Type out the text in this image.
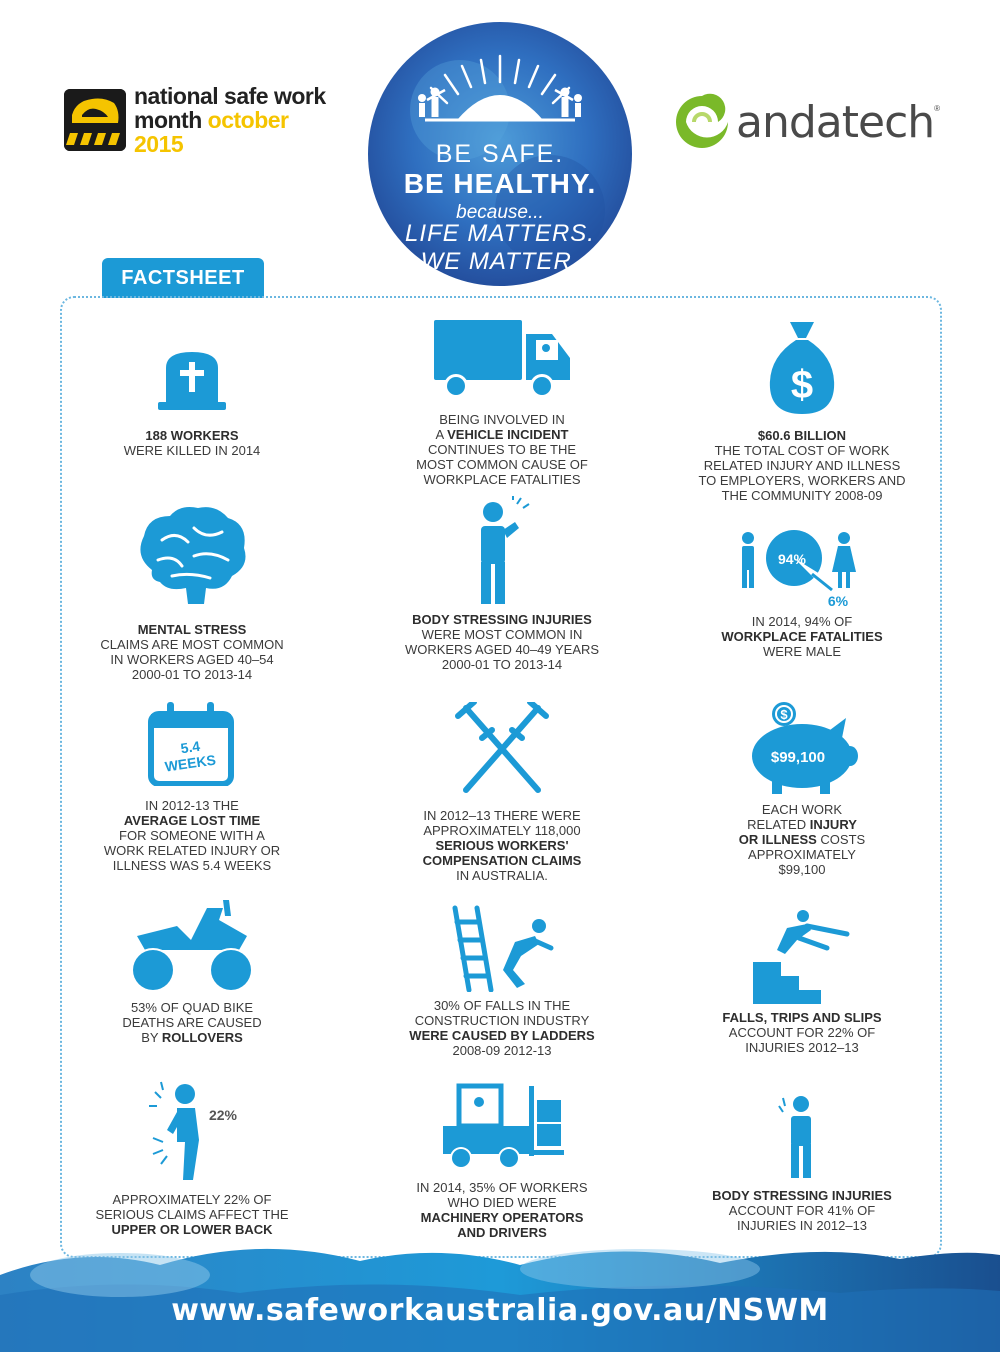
national safe work
month october 2015	BE SAFE.
BE HEALTHY.
because...
LIFE MATTERS.
WE MATTER.
andatech ®
FACTSHEET
188 WORKERS
WERE KILLED IN 2014
BEING INVOLVED IN
A VEHICLE INCIDENT
CONTINUES TO BE THE
MOST COMMON CAUSE OF
WORKPLACE FATALITIES
$
$60.6 BILLION
THE TOTAL COST OF WORK
RELATED INJURY AND ILLNESS
TO EMPLOYERS, WORKERS AND
THE COMMUNITY 2008-09
MENTAL STRESS
CLAIMS ARE MOST COMMON
IN WORKERS AGED 40–54
2000-01 TO 2013-14
BODY STRESSING INJURIES
WERE MOST COMMON IN
WORKERS AGED 40–49 YEARS
2000-01 TO 2013-14
94%
6%
IN 2014, 94% OF
WORKPLACE FATALITIES
WERE MALE
5.4
WEEKS
IN 2012-13 THE
AVERAGE LOST TIME
FOR SOMEONE WITH A
WORK RELATED INJURY OR
ILLNESS WAS 5.4 WEEKS
IN 2012–13 THERE WERE
APPROXIMATELY 118,000
SERIOUS WORKERS'
COMPENSATION CLAIMS
IN AUSTRALIA.
$
$99,100
EACH WORK
RELATED INJURY
OR ILLNESS COSTS
APPROXIMATELY
$99,100
53% OF QUAD BIKE
DEATHS ARE CAUSED
BY ROLLOVERS
30% OF FALLS IN THE
CONSTRUCTION INDUSTRY
WERE CAUSED BY LADDERS
2008-09 2012-13
FALLS, TRIPS AND SLIPS
ACCOUNT FOR 22% OF
INJURIES 2012–13
22%
APPROXIMATELY 22% OF
SERIOUS CLAIMS AFFECT THE
UPPER OR LOWER BACK
IN 2014, 35% OF WORKERS
WHO DIED WERE
MACHINERY OPERATORS
AND DRIVERS
BODY STRESSING INJURIES
ACCOUNT FOR 41% OF
INJURIES IN 2012–13
www.safeworkaustralia.gov.au/NSWM
